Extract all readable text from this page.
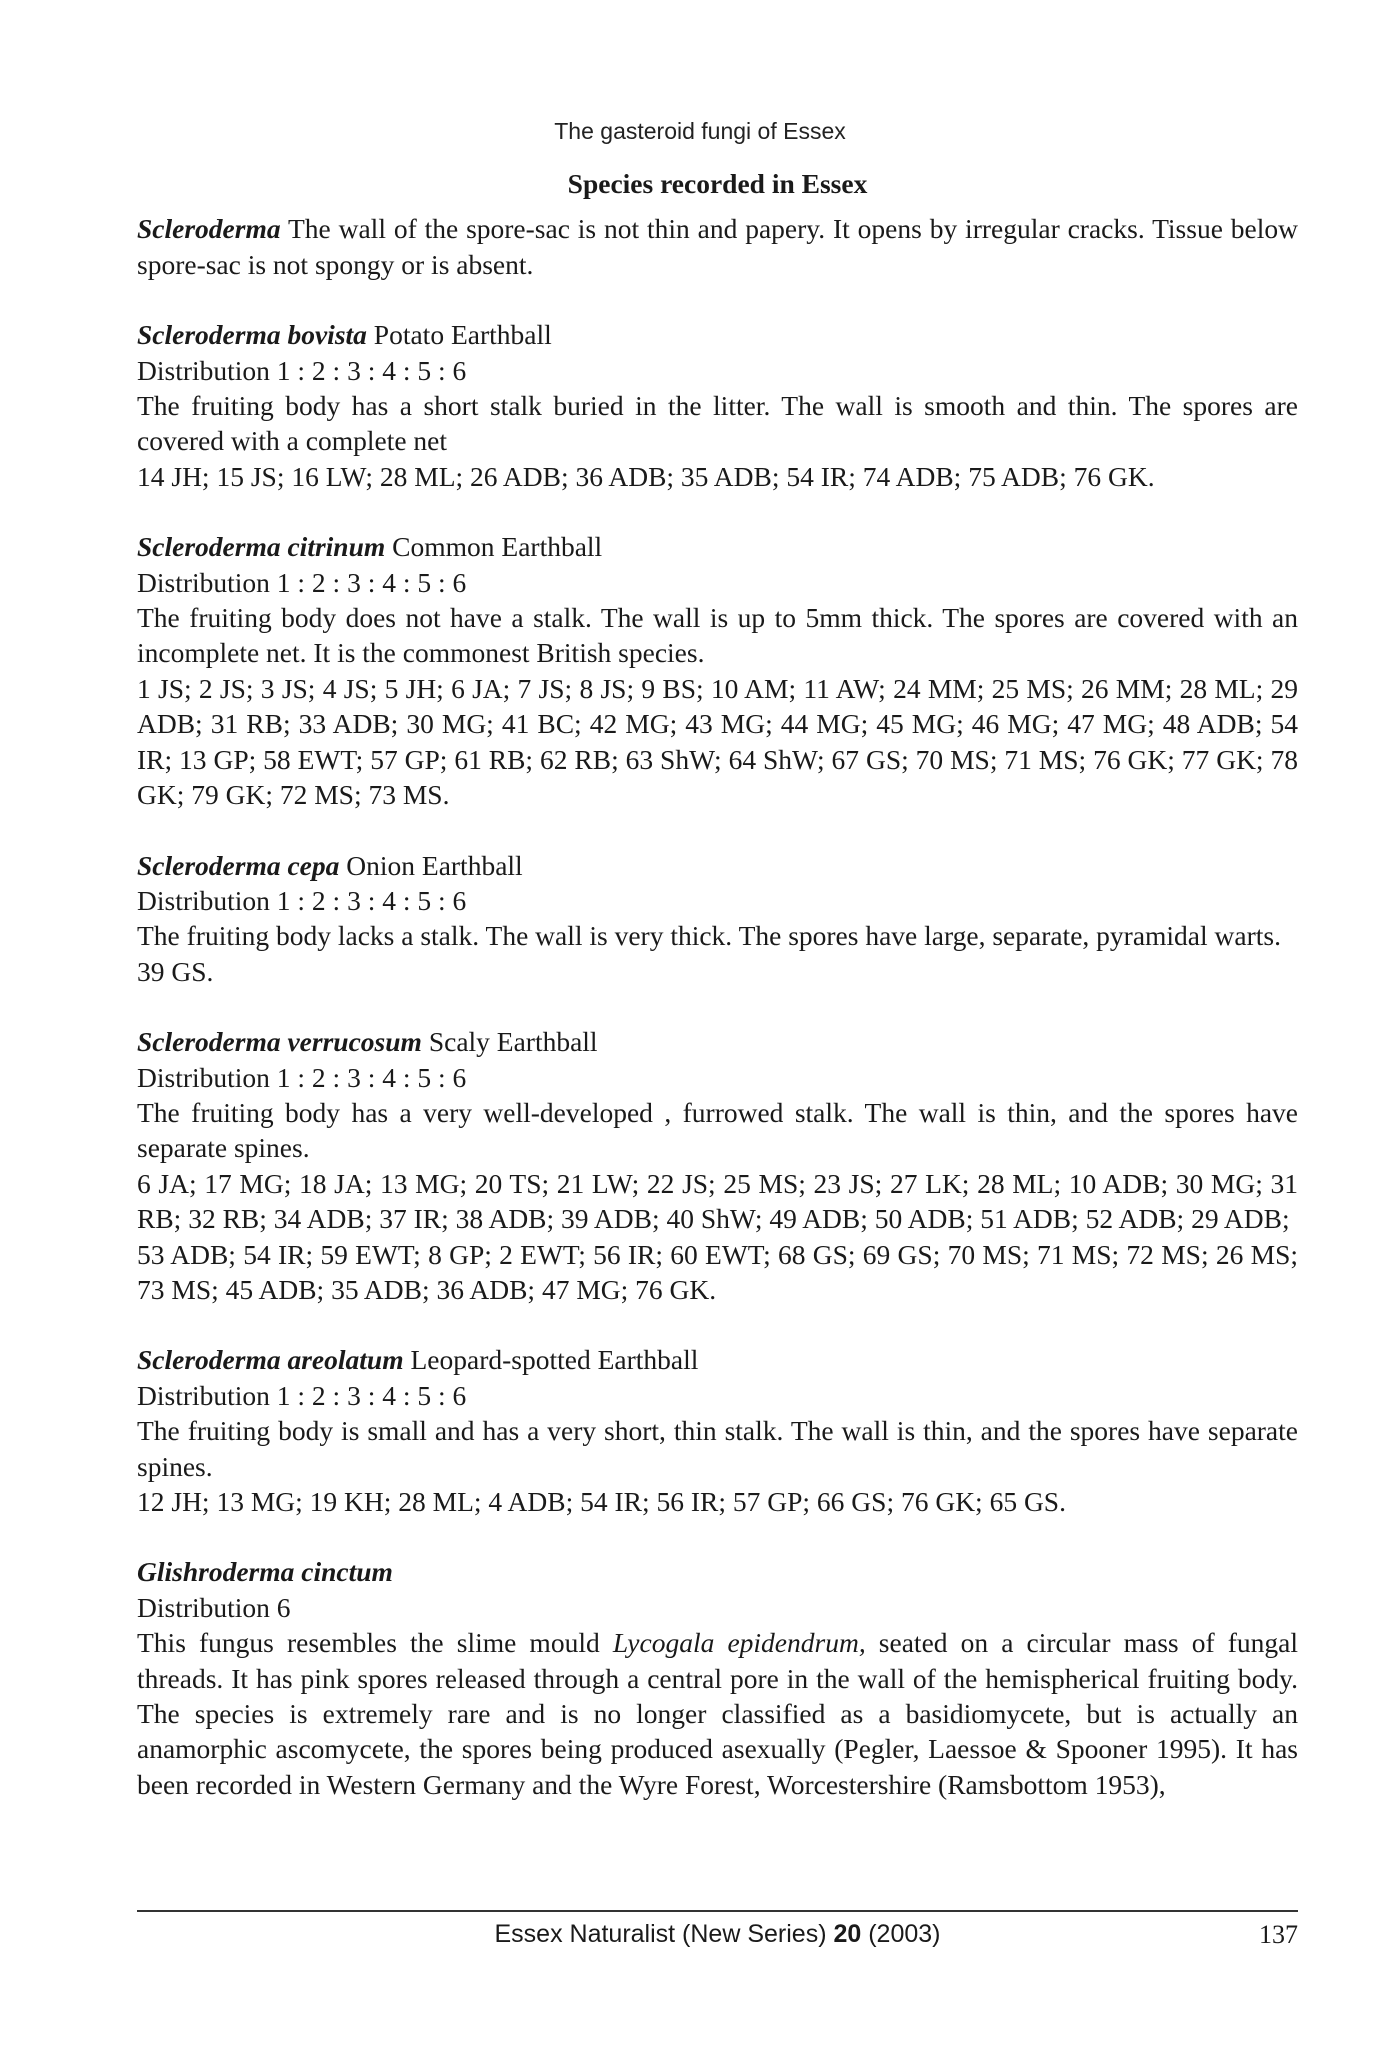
The gasteroid fungi of Essex
Species recorded in Essex

Scleroderma The wall of the spore-sac is not thin and papery. It opens by irregular cracks. Tissue below spore-sac is not spongy or is absent.

Scleroderma bovista Potato Earthball

Distribution 1 : 2 : 3 : 4 : 5 : 6

The fruiting body has a short stalk buried in the litter. The wall is smooth and thin. The spores are covered with a complete net

14 JH; 15 JS; 16 LW; 28 ML; 26 ADB; 36 ADB; 35 ADB; 54 IR; 74 ADB; 75 ADB; 76 GK.

Scleroderma citrinum Common Earthball

Distribution 1 : 2 : 3 : 4 : 5 : 6

The fruiting body does not have a stalk. The wall is up to 5mm thick. The spores are covered with an incomplete net. It is the commonest British species.

1 JS; 2 JS; 3 JS; 4 JS; 5 JH; 6 JA; 7 JS; 8 JS; 9 BS; 10 AM; 11 AW; 24 MM; 25 MS; 26 MM; 28 ML; 29 ADB; 31 RB; 33 ADB; 30 MG; 41 BC; 42 MG; 43 MG; 44 MG; 45 MG; 46 MG; 47 MG; 48 ADB; 54 IR; 13 GP; 58 EWT; 57 GP; 61 RB; 62 RB; 63 ShW; 64 ShW; 67 GS; 70 MS; 71 MS; 76 GK; 77 GK; 78 GK; 79 GK; 72 MS; 73 MS.

Scleroderma cepa Onion Earthball

Distribution 1 : 2 : 3 : 4 : 5 : 6

The fruiting body lacks a stalk. The wall is very thick. The spores have large, separate, pyramidal warts.

39 GS.

Scleroderma verrucosum Scaly Earthball

Distribution 1 : 2 : 3 : 4 : 5 : 6

The fruiting body has a very well-developed , furrowed stalk. The wall is thin, and the spores have separate spines.

6 JA; 17 MG; 18 JA; 13 MG; 20 TS; 21 LW; 22 JS; 25 MS; 23 JS; 27 LK; 28 ML; 10 ADB; 30 MG; 31 RB; 32 RB; 34 ADB; 37 IR; 38 ADB; 39 ADB; 40 ShW; 49 ADB; 50 ADB; 51 ADB; 52 ADB; 29 ADB;

53 ADB; 54 IR; 59 EWT; 8 GP; 2 EWT; 56 IR; 60 EWT; 68 GS; 69 GS; 70 MS; 71 MS; 72 MS; 26 MS; 73 MS; 45 ADB; 35 ADB; 36 ADB; 47 MG; 76 GK.

Scleroderma areolatum Leopard-spotted Earthball

Distribution 1 : 2 : 3 : 4 : 5 : 6

The fruiting body is small and has a very short, thin stalk. The wall is thin, and the spores have separate spines.

12 JH; 13 MG; 19 KH; 28 ML; 4 ADB; 54 IR; 56 IR; 57 GP; 66 GS; 76 GK; 65 GS.

Glishroderma cinctum

Distribution 6

This fungus resembles the slime mould Lycogala epidendrum, seated on a circular mass of fungal threads. It has pink spores released through a central pore in the wall of the hemispherical fruiting body. The species is extremely rare and is no longer classified as a basidiomycete, but is actually an anamorphic ascomycete, the spores being produced asexually (Pegler, Laessoe & Spooner 1995). It has been recorded in Western Germany and the Wyre Forest, Worcestershire (Ramsbottom 1953),

Essex Naturalist (New Series) 20 (2003)	137
